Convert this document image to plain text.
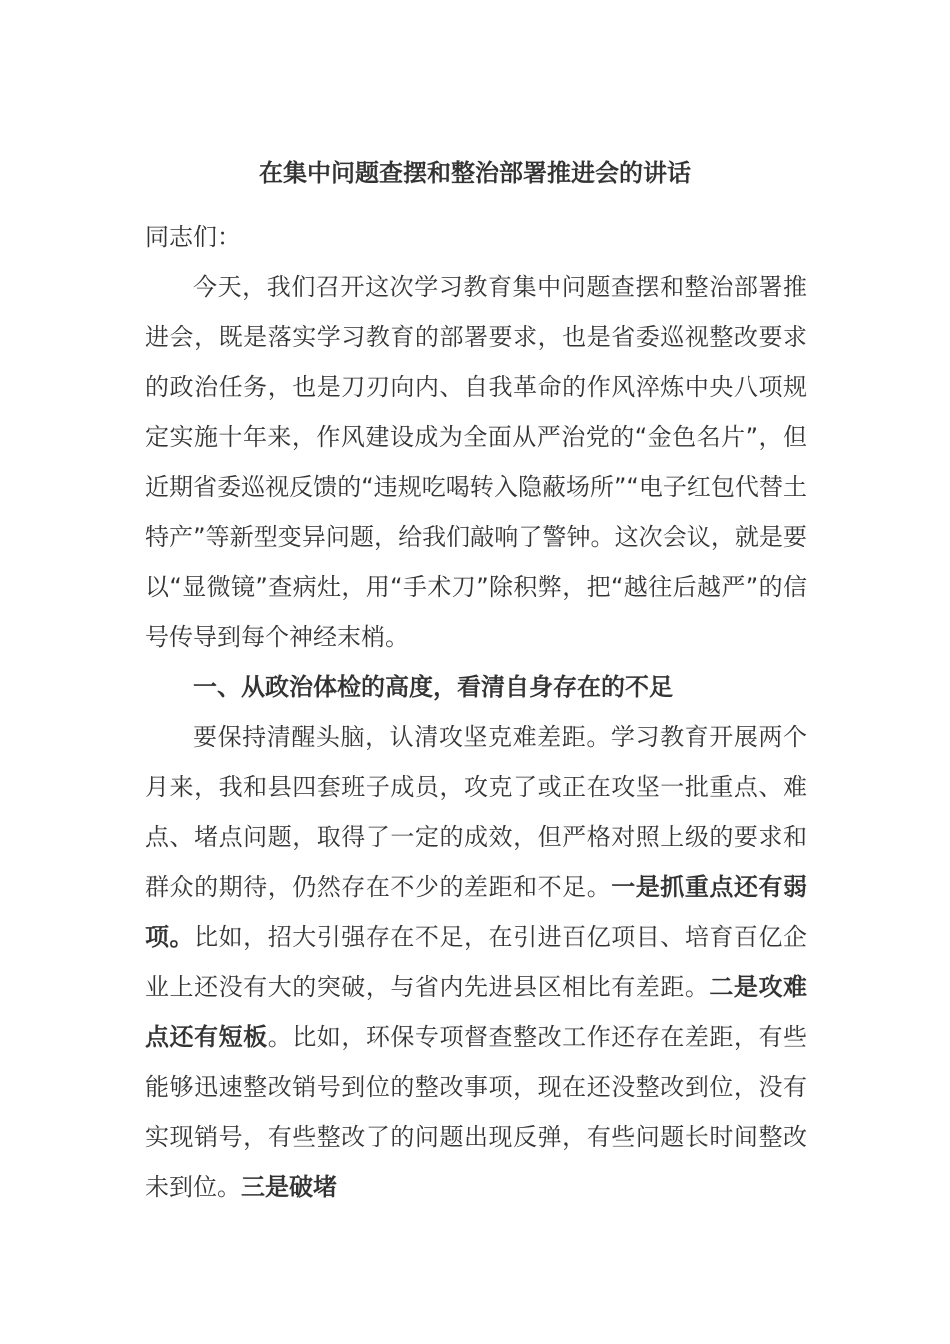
在集中问题查摆和整治部署推进会的讲话

同志们：

今天，我们召开这次学习教育集中问题查摆和整治部署推进会，既是落实学习教育的部署要求，也是省委巡视整改要求的政治任务，也是刀刃向内、自我革命的作风淬炼中央八项规定实施十年来，作风建设成为全面从严治党的“金色名片”，但近期省委巡视反馈的“违规吃喝转入隐蔽场所”“电子红包代替土特产”等新型变异问题，给我们敲响了警钟。这次会议，就是要以“显微镜”查病灶，用“手术刀”除积弊，把“越往后越严”的信号传导到每个神经末梢。

一、从政治体检的高度，看清自身存在的不足

要保持清醒头脑，认清攻坚克难差距。学习教育开展两个月来，我和县四套班子成员，攻克了或正在攻坚一批重点、难点、堵点问题，取得了一定的成效，但严格对照上级的要求和群众的期待，仍然存在不少的差距和不足。一是抓重点还有弱项。比如，招大引强存在不足，在引进百亿项目、培育百亿企业上还没有大的突破，与省内先进县区相比有差距。二是攻难点还有短板。比如，环保专项督查整改工作还存在差距，有些能够迅速整改销号到位的整改事项，现在还没整改到位，没有实现销号，有些整改了的问题出现反弹，有些问题长时间整改未到位。三是破堵
